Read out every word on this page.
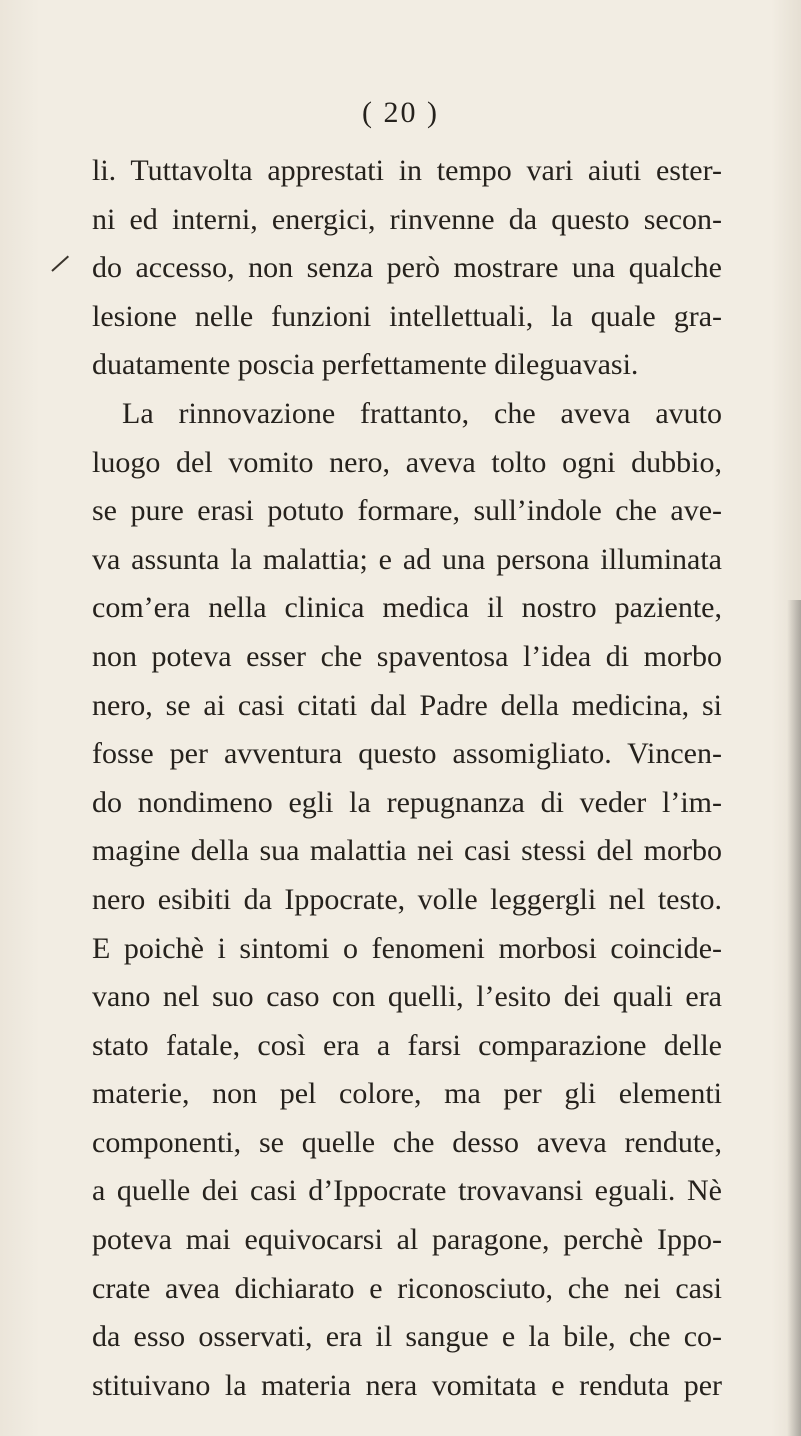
( 20 )
li. Tuttavolta apprestati in tempo vari aiuti ester-
ni ed interni, energici, rinvenne da questo secon-
do accesso, non senza però mostrare una qualche
lesione nelle funzioni intellettuali, la quale gra-
duatamente poscia perfettamente dileguavasi.
La rinnovazione frattanto, che aveva avuto
luogo del vomito nero, aveva tolto ogni dubbio,
se pure erasi potuto formare, sull’indole che ave-
va assunta la malattia; e ad una persona illuminata
com’era nella clinica medica il nostro paziente,
non poteva esser che spaventosa l’idea di morbo
nero, se ai casi citati dal Padre della medicina, si
fosse per avventura questo assomigliato. Vincen-
do nondimeno egli la repugnanza di veder l’im-
magine della sua malattia nei casi stessi del morbo
nero esibiti da Ippocrate, volle leggergli nel testo.
E poichè i sintomi o fenomeni morbosi coincide-
vano nel suo caso con quelli, l’esito dei quali era
stato fatale, così era a farsi comparazione delle
materie, non pel colore, ma per gli elementi
componenti, se quelle che desso aveva rendute,
a quelle dei casi d’Ippocrate trovavansi eguali. Nè
poteva mai equivocarsi al paragone, perchè Ippo-
crate avea dichiarato e riconosciuto, che nei casi
da esso osservati, era il sangue e la bile, che co-
stituivano la materia nera vomitata e renduta per
